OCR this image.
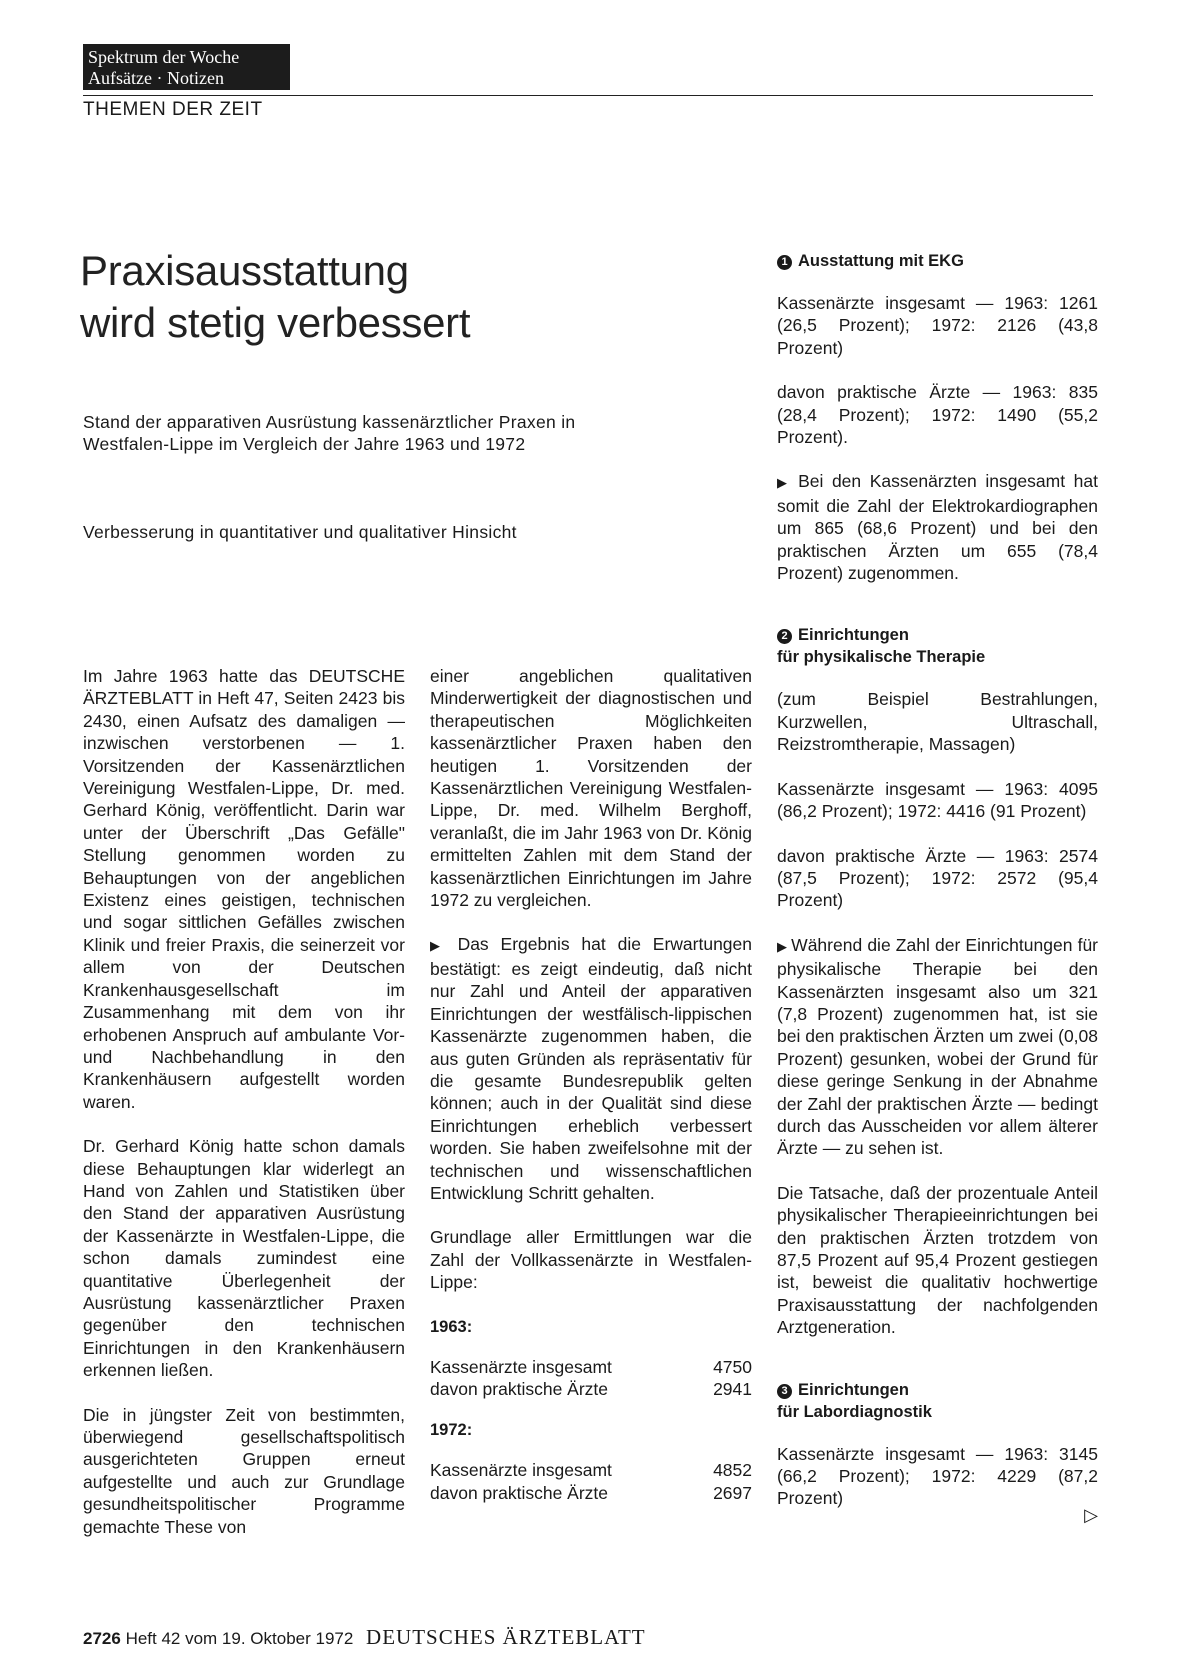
Spektrum der Woche
Aufsätze · Notizen
THEMEN DER ZEIT
Praxisausstattung
wird stetig verbessert
Stand der apparativen Ausrüstung kassenärztlicher Praxen in Westfalen-Lippe im Vergleich der Jahre 1963 und 1972
Verbesserung in quantitativer und qualitativer Hinsicht

Im Jahre 1963 hatte das DEUTSCHE ÄRZTEBLATT in Heft 47, Seiten 2423 bis 2430, einen Aufsatz des damaligen — inzwischen verstorbenen — 1. Vorsitzenden der Kassenärztlichen Vereinigung Westfalen-Lippe, Dr. med. Gerhard König, veröffentlicht. Darin war unter der Überschrift „Das Gefälle" Stellung genommen worden zu Behauptungen von der angeblichen Existenz eines geistigen, technischen und sogar sittlichen Gefälles zwischen Klinik und freier Praxis, die seinerzeit vor allem von der Deutschen Krankenhausgesellschaft im Zusammenhang mit dem von ihr erhobenen Anspruch auf ambulante Vor- und Nachbehandlung in den Krankenhäusern aufgestellt worden waren.

Dr. Gerhard König hatte schon damals diese Behauptungen klar widerlegt an Hand von Zahlen und Statistiken über den Stand der apparativen Ausrüstung der Kassenärzte in Westfalen-Lippe, die schon damals zumindest eine quantitative Überlegenheit der Ausrüstung kassenärztlicher Praxen gegenüber den technischen Einrichtungen in den Krankenhäusern erkennen ließen.

Die in jüngster Zeit von bestimmten, überwiegend gesellschaftspolitisch ausgerichteten Gruppen erneut aufgestellte und auch zur Grundlage gesundheitspolitischer Programme gemachte These von

einer angeblichen qualitativen Minderwertigkeit der diagnostischen und therapeutischen Möglichkeiten kassenärztlicher Praxen haben den heutigen 1. Vorsitzenden der Kassenärztlichen Vereinigung Westfalen-Lippe, Dr. med. Wilhelm Berghoff, veranlaßt, die im Jahr 1963 von Dr. König ermittelten Zahlen mit dem Stand der kassenärztlichen Einrichtungen im Jahre 1972 zu vergleichen.

▶ Das Ergebnis hat die Erwartungen bestätigt: es zeigt eindeutig, daß nicht nur Zahl und Anteil der apparativen Einrichtungen der westfälisch-lippischen Kassenärzte zugenommen haben, die aus guten Gründen als repräsentativ für die gesamte Bundesrepublik gelten können; auch in der Qualität sind diese Einrichtungen erheblich verbessert worden. Sie haben zweifelsohne mit der technischen und wissenschaftlichen Entwicklung Schritt gehalten.

Grundlage aller Ermittlungen war die Zahl der Vollkassenärzte in Westfalen-Lippe:

1963:
Kassenärzte insgesamt	4750
davon praktische Ärzte	2941
1972:
Kassenärzte insgesamt	4852
davon praktische Ärzte	2697
1 Ausstattung mit EKG

Kassenärzte insgesamt — 1963: 1261 (26,5 Prozent); 1972: 2126 (43,8 Prozent)

davon praktische Ärzte — 1963: 835 (28,4 Prozent); 1972: 1490 (55,2 Prozent).

▶ Bei den Kassenärzten insgesamt hat somit die Zahl der Elektrokardiographen um 865 (68,6 Prozent) und bei den praktischen Ärzten um 655 (78,4 Prozent) zugenommen.

2 Einrichtungen
für physikalische Therapie

(zum Beispiel Bestrahlungen, Kurzwellen, Ultraschall, Reizstromtherapie, Massagen)

Kassenärzte insgesamt — 1963: 4095 (86,2 Prozent); 1972: 4416 (91 Prozent)

davon praktische Ärzte — 1963: 2574 (87,5 Prozent); 1972: 2572 (95,4 Prozent)

▶ Während die Zahl der Einrichtungen für physikalische Therapie bei den Kassenärzten insgesamt also um 321 (7,8 Prozent) zugenommen hat, ist sie bei den praktischen Ärzten um zwei (0,08 Prozent) gesunken, wobei der Grund für diese geringe Senkung in der Abnahme der Zahl der praktischen Ärzte — bedingt durch das Ausscheiden vor allem älterer Ärzte — zu sehen ist.

Die Tatsache, daß der prozentuale Anteil physikalischer Therapieeinrichtungen bei den praktischen Ärzten trotzdem von 87,5 Prozent auf 95,4 Prozent gestiegen ist, beweist die qualitativ hochwertige Praxisausstattung der nachfolgenden Arztgeneration.

3 Einrichtungen
für Labordiagnostik

Kassenärzte insgesamt — 1963: 3145 (66,2 Prozent); 1972: 4229 (87,2 Prozent)

▷
2726 Heft 42 vom 19. Oktober 1972 DEUTSCHES ÄRZTEBLATT
